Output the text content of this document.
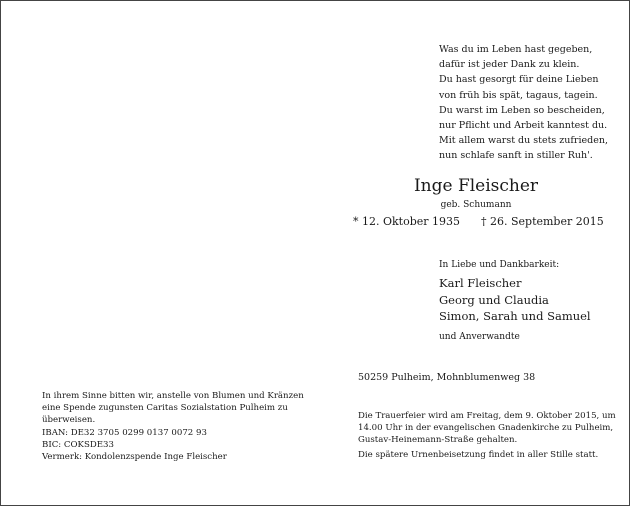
Was du im Leben hast gegeben,
dafür ist jeder Dank zu klein.
Du hast gesorgt für deine Lieben
von früh bis spät, tagaus, tagein.
Du warst im Leben so bescheiden,
nur Pflicht und Arbeit kanntest du.
Mit allem warst du stets zufrieden,
nun schlafe sanft in stiller Ruh'.
Inge Fleischer
geb. Schumann
* 12. Oktober 1935 † 26. September 2015
In Liebe und Dankbarkeit:
Karl Fleischer
Georg und Claudia
Simon, Sarah und Samuel
und Anverwandte
50259 Pulheim, Mohnblumenweg 38
In ihrem Sinne bitten wir, anstelle von Blumen und Kränzen
eine Spende zugunsten Caritas Sozialstation Pulheim zu
überweisen.
IBAN: DE32 3705 0299 0137 0072 93
BIC: COKSDE33
Vermerk: Kondolenzspende Inge Fleischer
Die Trauerfeier wird am Freitag, dem 9. Oktober 2015, um
14.00 Uhr in der evangelischen Gnadenkirche zu Pulheim,
Gustav-Heinemann-Straße gehalten.
Die spätere Urnenbeisetzung findet in aller Stille statt.
